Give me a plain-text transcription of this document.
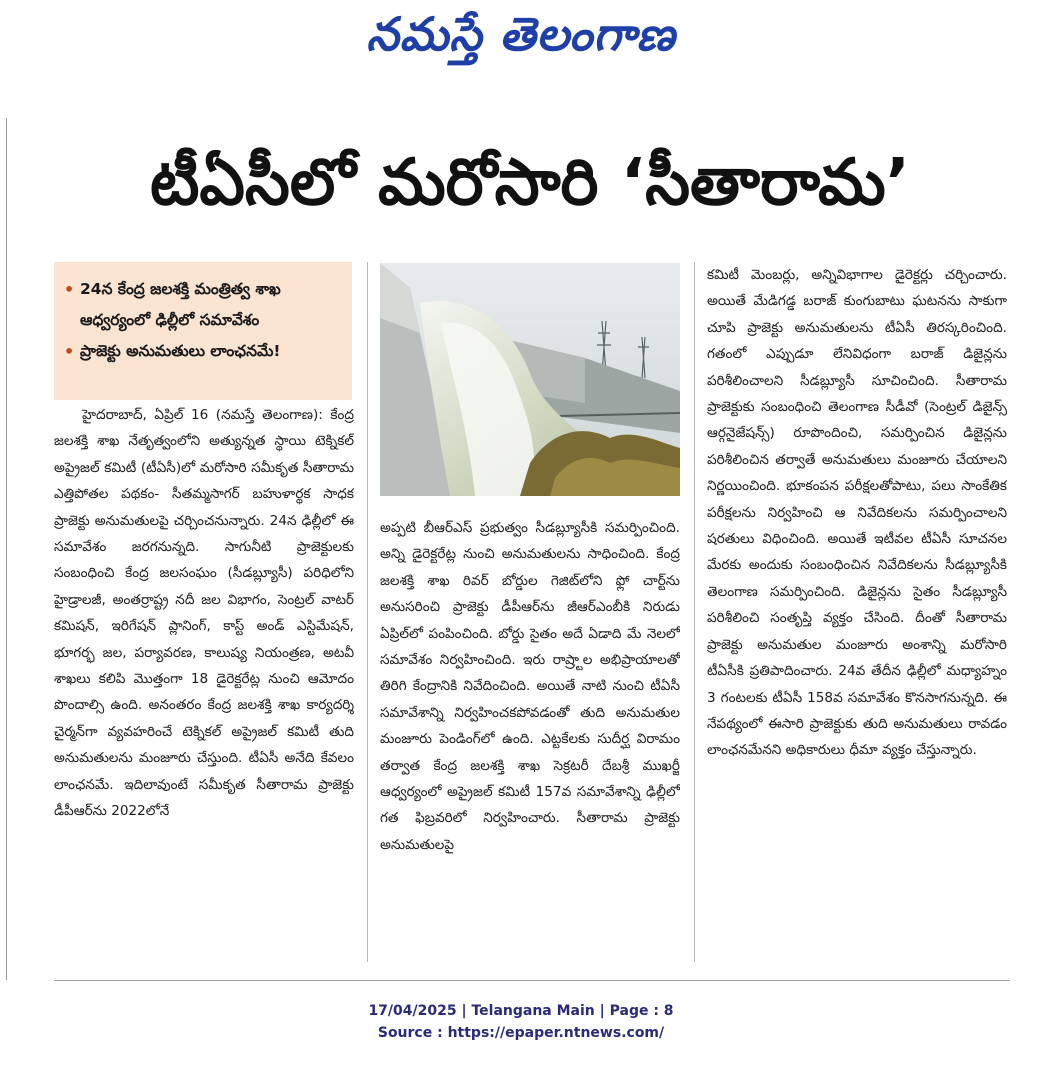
నమస్తే తెలంగాణ
టీఏసీలో మరోసారి ‘సీతారామ’
• 24న కేంద్ర జలశక్తి మంత్రిత్వ శాఖ ఆధ్వర్యంలో ఢిల్లీలో సమావేశం
• ప్రాజెక్టు అనుమతులు లాంఛనమే!
హైదరాబాద్, ఏప్రిల్ 16 (నమస్తే తెలంగాణ): కేంద్ర జలశక్తి శాఖ నేతృత్వంలోని అత్యున్నత స్థాయి టెక్నికల్ అప్రైజల్ కమిటీ (టీఏసీ)లో మరోసారి సమీకృత సీతారామ ఎత్తిపోతల పథకం- సీతమ్మసాగర్ బహుళార్థక సాధక ప్రాజెక్టు అనుమతులపై చర్చించనున్నారు. 24న ఢిల్లీలో ఈ సమావేశం జరగనున్నది. సాగునీటి ప్రాజెక్టులకు సంబంధించి కేంద్ర జలసంఘం (సీడబ్ల్యూసీ) పరిధిలోని హైడ్రాలజీ, అంతర్రాష్ట్ర నదీ జల విభాగం, సెంట్రల్ వాటర్ కమిషన్, ఇరిగేషన్ ప్లానింగ్, కాస్ట్ అండ్ ఎస్టిమేషన్, భూగర్భ జల, పర్యావరణ, కాలుష్య నియంత్రణ, అటవీ శాఖలు కలిపి మొత్తంగా 18 డైరెక్టరేట్ల నుంచి ఆమోదం పొందాల్సి ఉంది. అనంతరం కేంద్ర జలశక్తి శాఖ కార్యదర్శి చైర్మన్‌గా వ్యవహరించే టెక్నికల్ అప్రైజల్ కమిటీ తుది అనుమతులను మంజూరు చేస్తుంది. టీఏసీ అనేది కేవలం లాంఛనమే. ఇదిలావుంటే సమీకృత సీతారామ ప్రాజెక్టు డీపీఆర్‌ను 2022లోనే
అప్పటి బీఆర్‌ఎస్ ప్రభుత్వం సీడబ్ల్యూసీకి సమర్పించింది. అన్ని డైరెక్టరేట్ల నుంచి అనుమతులను సాధించింది. కేంద్ర జలశక్తి శాఖ రివర్ బోర్డుల గెజిట్‌లోని ఫ్లో చార్ట్‌ను అనుసరించి ప్రాజెక్టు డీపీఆర్‌ను జీఆర్‌ఎంబీకి నిరుడు ఏప్రిల్‌లో పంపించింది. బోర్డు సైతం అదే ఏడాది మే నెలలో సమావేశం నిర్వహించింది. ఇరు రాష్ర్టాల అభిప్రాయాలతో తిరిగి కేంద్రానికి నివేదించింది. అయితే నాటి నుంచి టీఏసీ సమావేశాన్ని నిర్వహించకపోవడంతో తుది అనుమతుల మంజూరు పెండింగ్‌లో ఉంది. ఎట్టకేలకు సుదీర్ఘ విరామం తర్వాత కేంద్ర జలశక్తి శాఖ సెక్రటరీ దేబశ్రీ ముఖర్జీ ఆధ్వర్యంలో అప్రైజల్ కమిటీ 157వ సమావేశాన్ని ఢిల్లీలో గత ఫిబ్రవరిలో నిర్వహించారు. సీతారామ ప్రాజెక్టు అనుమతులపై
కమిటీ మెంబర్లు, అన్నివిభాగాల డైరెక్టర్లు చర్చించారు. అయితే మేడిగడ్డ బరాజ్ కుంగుబాటు ఘటనను సాకుగా చూపి ప్రాజెక్టు అనుమతులను టీఏసీ తిరస్కరించింది. గతంలో ఎప్పుడూ లేనివిధంగా బరాజ్ డిజైన్లను పరిశీలించాలని సీడబ్ల్యూసీ సూచించింది. సీతారామ ప్రాజెక్టుకు సంబంధించి తెలంగాణ సీడీవో (సెంట్రల్ డిజైన్స్ ఆర్గనైజేషన్స్) రూపొందించి, సమర్పించిన డిజైన్లను పరిశీలించిన తర్వాతే అనుమతులు మంజూరు చేయాలని నిర్ణయించింది. భూకంపన పరీక్షలతోపాటు, పలు సాంకేతిక పరీక్షలను నిర్వహించి ఆ నివేదికలను సమర్పించాలని షరతులు విధించింది. అయితే ఇటీవల టీఏసీ సూచనల మేరకు అందుకు సంబంధించిన నివేదికలను సీడబ్ల్యూసీకి తెలంగాణ సమర్పించింది. డిజైన్లను సైతం సీడబ్ల్యూసీ పరిశీలించి సంతృప్తి వ్యక్తం చేసింది. దీంతో సీతారామ ప్రాజెక్టు అనుమతుల మంజూరు అంశాన్ని మరోసారి టీఏసీకి ప్రతిపాదించారు. 24వ తేదీన ఢిల్లీలో మధ్యాహ్నం 3 గంటలకు టీఏసీ 158వ సమావేశం కొనసాగనున్నది. ఈ నేపథ్యంలో ఈసారి ప్రాజెక్టుకు తుది అనుమతులు రావడం లాంఛనమేనని అధికారులు ధీమా వ్యక్తం చేస్తున్నారు.
17/04/2025 | Telangana Main | Page : 8
Source : https://epaper.ntnews.com/
